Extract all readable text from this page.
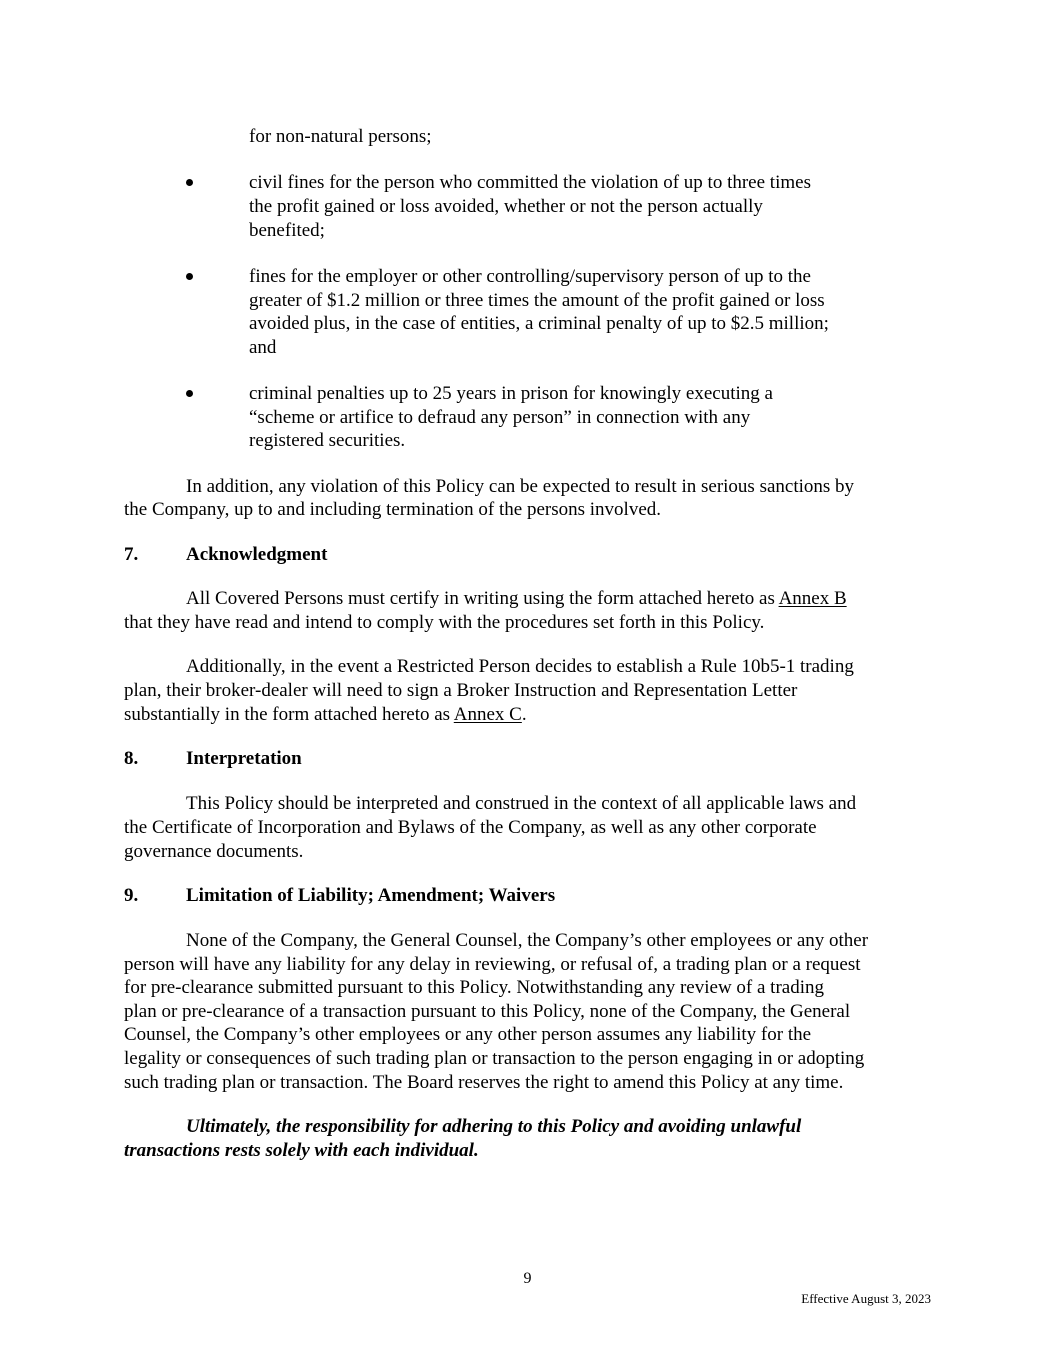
for non-natural persons;
civil fines for the person who committed the violation of up to three times
the profit gained or loss avoided, whether or not the person actually
benefited;
fines for the employer or other controlling/supervisory person of up to the
greater of $1.2 million or three times the amount of the profit gained or loss
avoided plus, in the case of entities, a criminal penalty of up to $2.5 million;
and
criminal penalties up to 25 years in prison for knowingly executing a
“scheme or artifice to defraud any person” in connection with any
registered securities.
In addition, any violation of this Policy can be expected to result in serious sanctions by
the Company, up to and including termination of the persons involved.
7.	Acknowledgment
All Covered Persons must certify in writing using the form attached hereto as Annex B
that they have read and intend to comply with the procedures set forth in this Policy.
Additionally, in the event a Restricted Person decides to establish a Rule 10b5-1 trading
plan, their broker-dealer will need to sign a Broker Instruction and Representation Letter
substantially in the form attached hereto as Annex C.
8.	Interpretation
This Policy should be interpreted and construed in the context of all applicable laws and
the Certificate of Incorporation and Bylaws of the Company, as well as any other corporate
governance documents.
9.	Limitation of Liability; Amendment; Waivers
None of the Company, the General Counsel, the Company’s other employees or any other
person will have any liability for any delay in reviewing, or refusal of, a trading plan or a request
for pre-clearance submitted pursuant to this Policy. Notwithstanding any review of a trading
plan or pre-clearance of a transaction pursuant to this Policy, none of the Company, the General
Counsel, the Company’s other employees or any other person assumes any liability for the
legality or consequences of such trading plan or transaction to the person engaging in or adopting
such trading plan or transaction. The Board reserves the right to amend this Policy at any time.
Ultimately, the responsibility for adhering to this Policy and avoiding unlawful
transactions rests solely with each individual.
9
Effective August 3, 2023
